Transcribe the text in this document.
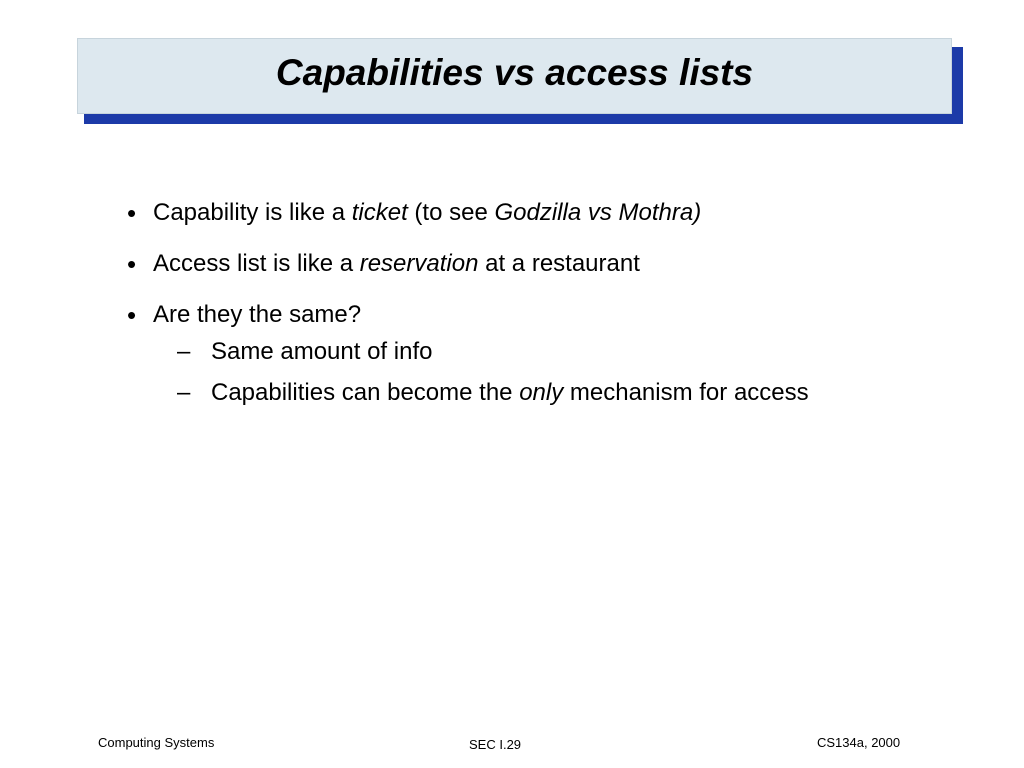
Capabilities vs access lists
• Capability is like a ticket (to see Godzilla vs Mothra)
• Access list is like a reservation at a restaurant
• Are they the same?
– Same amount of info
– Capabilities can become the only mechanism for access
Computing Systems	SEC I.29	CS134a, 2000
